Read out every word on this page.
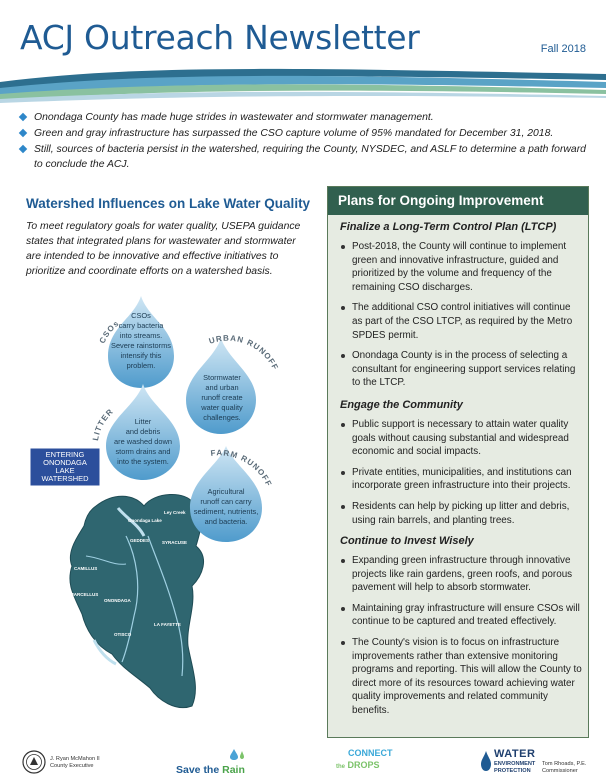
ACJ Outreach Newsletter	Fall 2018
Onondaga County has made huge strides in wastewater and stormwater management.
Green and gray infrastructure has surpassed the CSO capture volume of 95% mandated for December 31, 2018.
Still, sources of bacteria persist in the watershed, requiring the County, NYSDEC, and ASLF to determine a path forward to conclude the ACJ.
Watershed Influences on Lake Water Quality
To meet regulatory goals for water quality, USEPA guidance states that integrated plans for wastewater and stormwater are intended to be innovative and effective initiatives to prioritize and coordinate efforts on a watershed basis.
Onondaga Lake
Ley Creek
GEDDES	SYRACUSE
CAMILLUS
MARCELLUS
ONONDAGA
LA FAYETTE
OTISCO
TULLY
ENTERING
ONONDAGA
LAKE
WATERSHED
CSOs
CSOs
carry bacteria
into streams.
Severe rainstorms
intensify this
problem.
URBAN RUNOFF
Stormwater
and urban
runoff create
water quality
challenges.
LITTER
Litter
and debris
are washed down
storm drains and
into the system.
FARM RUNOFF
Agricultural
runoff can carry
sediment, nutrients,
and bacteria.
Plans for Ongoing Improvement
Finalize a Long-Term Control Plan (LTCP)
Post-2018, the County will continue to implement green and innovative infrastructure, guided and prioritized by the volume and frequency of the remaining CSO discharges.
The additional CSO control initiatives will continue as part of the CSO LTCP, as required by the Metro SPDES permit.
Onondaga County is in the process of selecting a consultant for engineering support services relating to the LTCP.
Engage the Community
Public support is necessary to attain water quality goals without causing substantial and widespread economic and social impacts.
Private entities, municipalities, and institutions can incorporate green infrastructure into their projects.
Residents can help by picking up litter and debris, using rain barrels, and planting trees.
Continue to Invest Wisely
Expanding green infrastructure through innovative projects like rain gardens, green roofs, and porous pavement will help to absorb stormwater.
Maintaining gray infrastructure will ensure CSOs will continue to be captured and treated effectively.
The County's vision is to focus on infrastructure improvements rather than extensive monitoring programs and reporting. This will allow the County to direct more of its resources toward achieving water quality improvements and related community benefits.
J. Ryan McMahon II
County Executive	Save the Rain
CONNECT
the DROPS
WATER
ENVIRONMENT
PROTECTION
Tom Rhoads, P.E.
Commissioner
